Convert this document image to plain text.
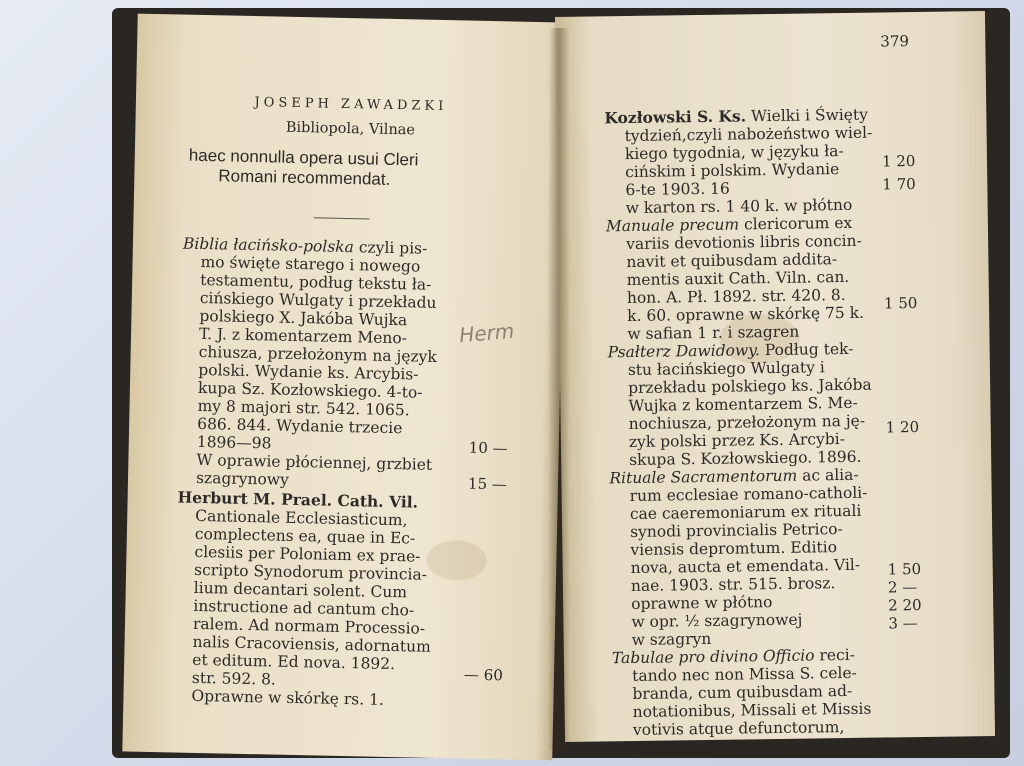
JOSEPH ZAWADZKI
Bibliopola, Vilnae
haec nonnulla opera usui Cleri
Romani recommendat.
Herm
Biblia łacińsko-polska czyli pis-
mo święte starego i nowego
testamentu, podług tekstu ła-
cińskiego Wulgaty i przekładu
polskiego X. Jakóba Wujka
T. J. z komentarzem Meno-
chiusza, przełożonym na język
polski. Wydanie ks. Arcybis-
kupa Sz. Kozłowskiego. 4-to-
my 8 majori str. 542. 1065.
686. 844. Wydanie trzecie
1896—98
W oprawie płóciennej, grzbiet
szagrynowy
Herburt M. Prael. Cath. Vil.
Cantionale Ecclesiasticum,
complectens ea, quae in Ec-
clesiis per Poloniam ex prae-
scripto Synodorum provincia-
lium decantari solent. Cum
instructione ad cantum cho-
ralem. Ad normam Processio-
nalis Cracoviensis, adornatum
et editum. Ed nova. 1892.
str. 592. 8.
Oprawne w skórkę rs. 1.
10 —
15 —
— 60
379
Kozłowski S. Ks. Wielki i Święty
tydzień,czyli nabożeństwo wiel-
kiego tygodnia, w języku ła-
cińskim i polskim. Wydanie
6-te 1903. 16
w karton rs. 1 40 k. w płótno
Manuale precum clericorum ex
variis devotionis libris concin-
navit et quibusdam addita-
mentis auxit Cath. Viln. can.
hon. A. Pł. 1892. str. 420. 8.
k. 60. oprawne w skórkę 75 k.
w safian 1 r. i szagren
Psałterz Dawidowy. Podług tek-
stu łacińskiego Wulgaty i
przekładu polskiego ks. Jakóba
Wujka z komentarzem S. Me-
nochiusza, przełożonym na ję-
zyk polski przez Ks. Arcybi-
skupa S. Kozłowskiego. 1896.
Rituale Sacramentorum ac alia-
rum ecclesiae romano-catholi-
cae caeremoniarum ex rituali
synodi provincialis Petrico-
viensis depromtum. Editio
nova, aucta et emendata. Vil-
nae. 1903. str. 515. brosz.
oprawne w płótno
w opr. ½ szagrynowej
w szagryn
Tabulae pro divino Officio reci-
tando nec non Missa S. cele-
branda, cum quibusdam ad-
notationibus, Missali et Missis
votivis atque defunctorum,
1 20
1 70
1 50
1 20
1 50
2 —
2 20
3 —
